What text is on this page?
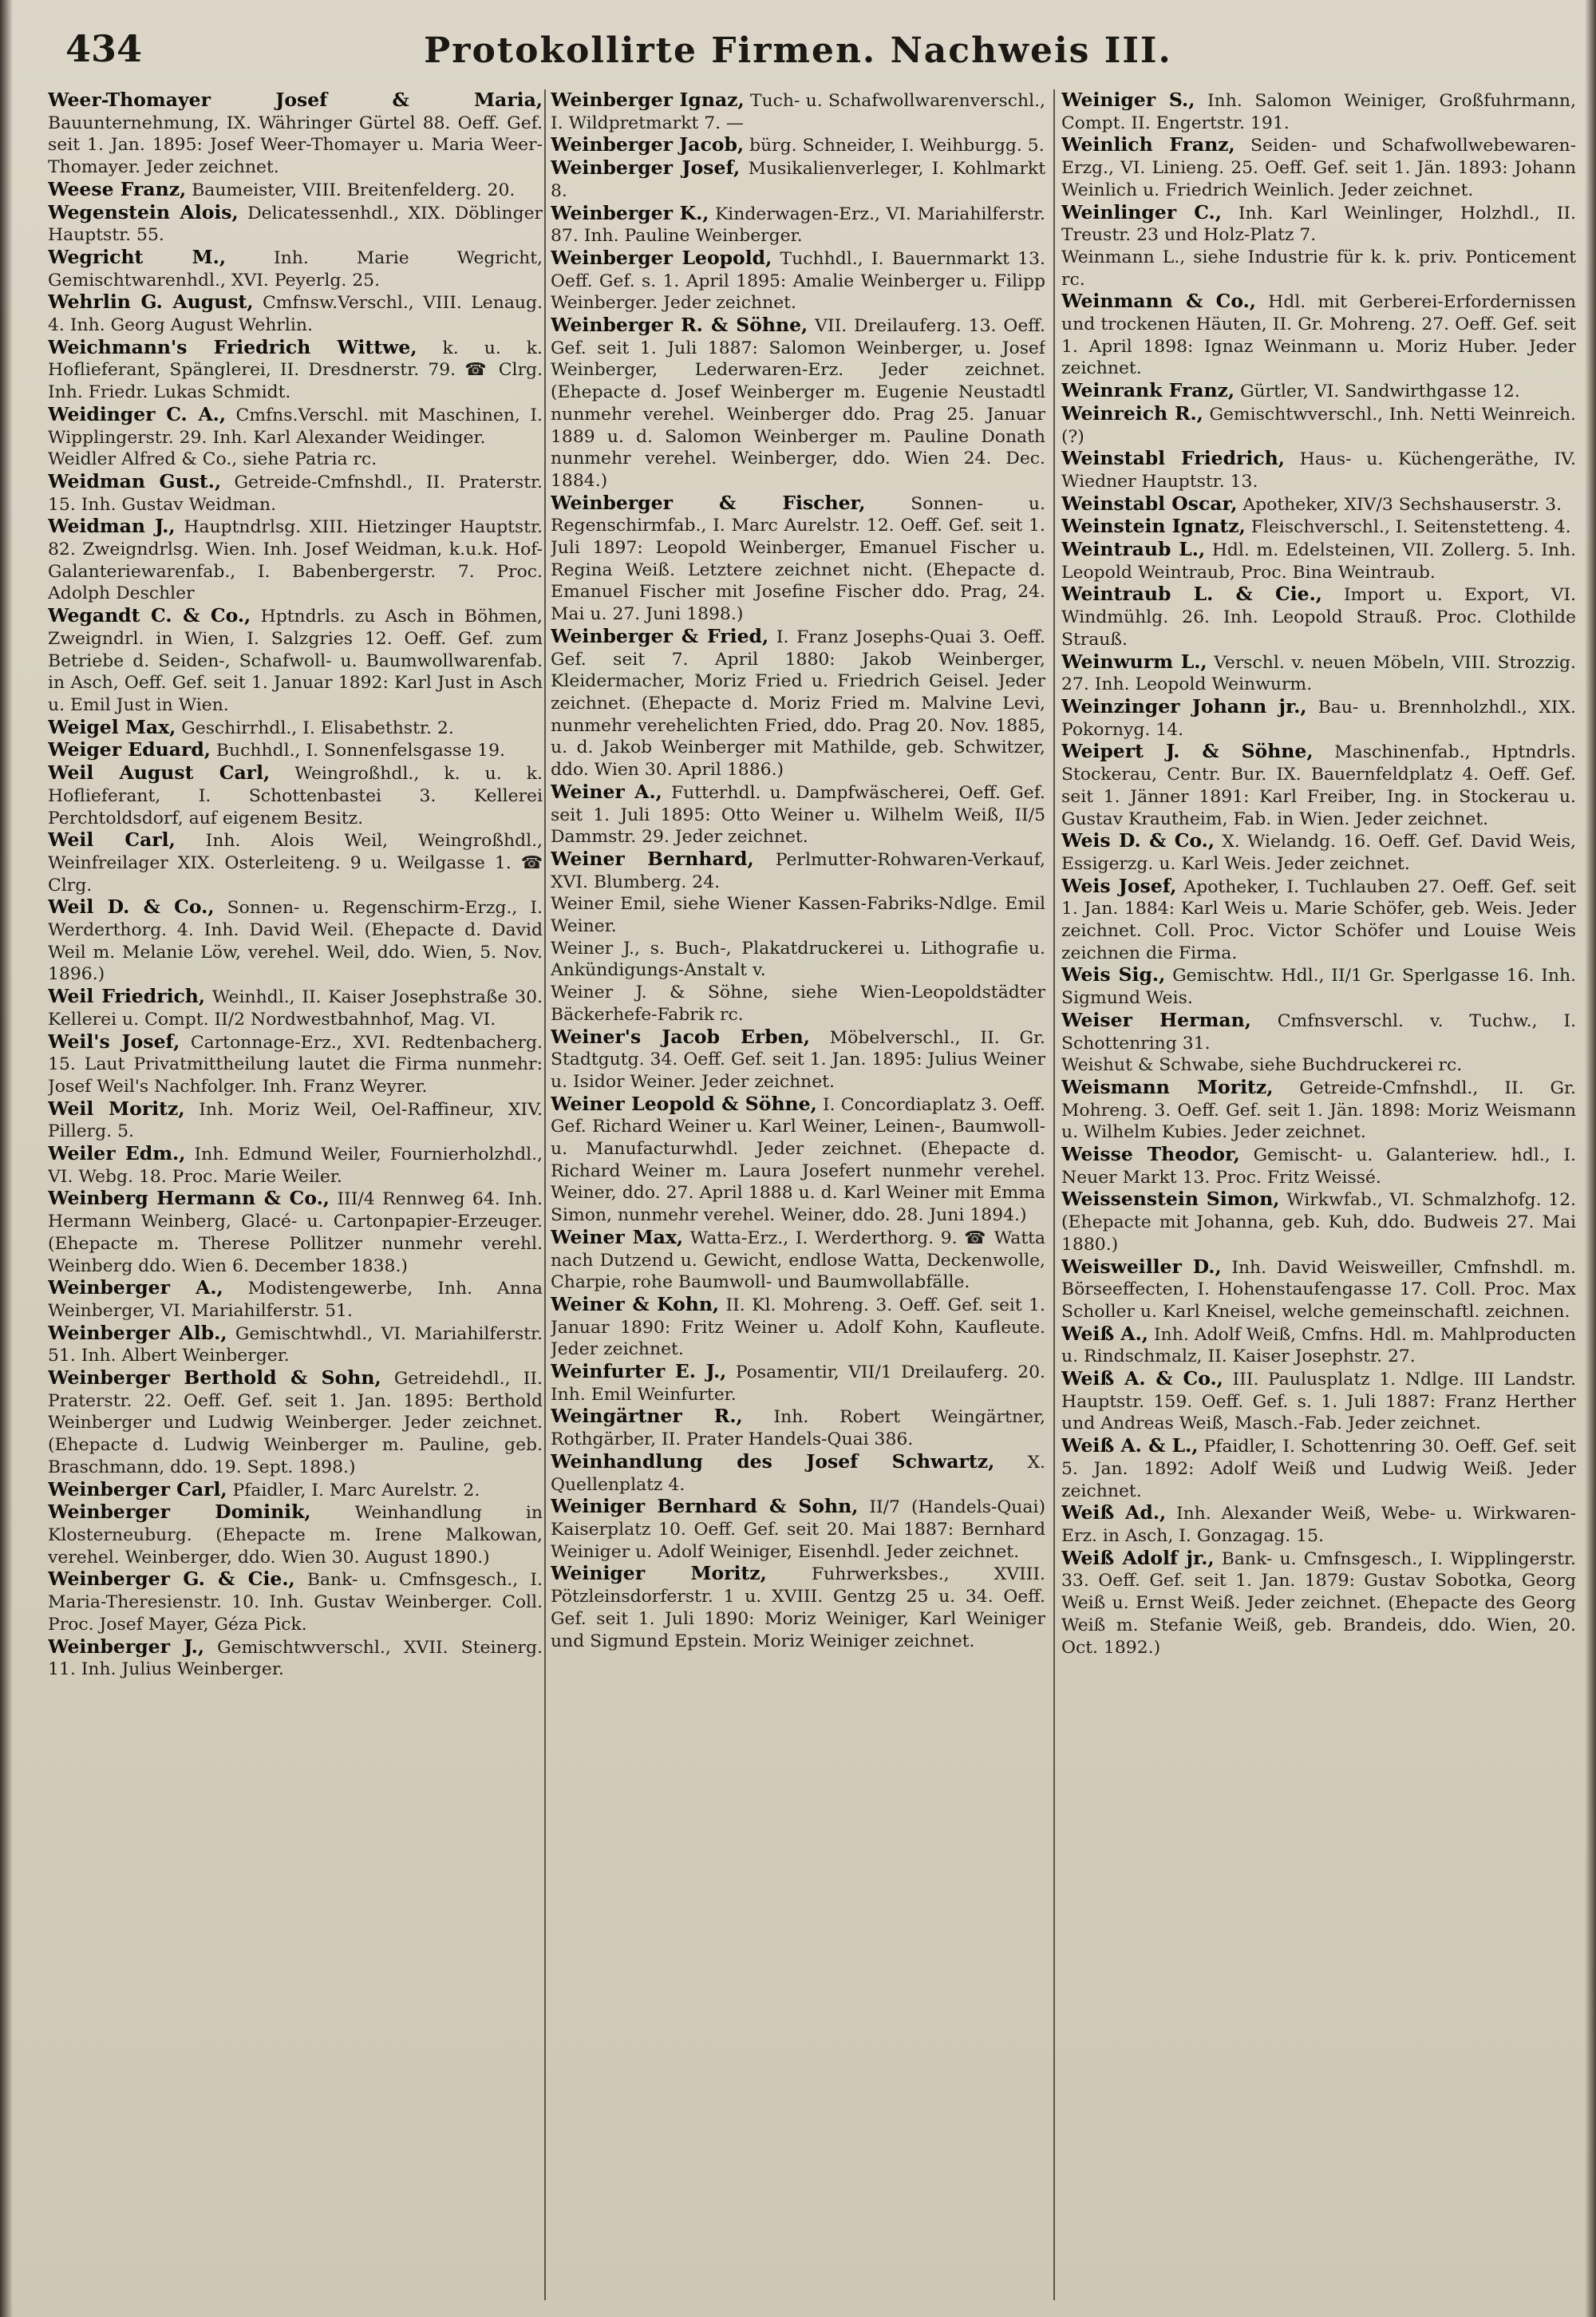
434	Protokollirte Firmen. Nachweis III.

Weer-Thomayer Josef & Maria, Bauunternehmung, IX. Währinger Gürtel 88. Oeff. Gef. seit 1. Jan. 1895: Josef Weer-Thomayer u. Maria Weer-Thomayer. Jeder zeichnet.

Weese Franz, Baumeister, VIII. Breitenfelderg. 20.

Wegenstein Alois, Delicatessenhdl., XIX. Döblinger Hauptstr. 55.

Wegricht M.,	Inh. Marie Wegricht, Gemischtwarenhdl., XVI. Peyerlg. 25.

Wehrlin G. August, Cmfnsw.Verschl., VIII. Lenaug. 4. Inh. Georg August Wehrlin.

Weichmann's Friedrich Wittwe, k. u. k. Hoflieferant, Spänglerei, II. Dresdnerstr. 79. ☎ Clrg. Inh. Friedr. Lukas Schmidt.

Weidinger C. A., Cmfns.Verschl. mit Maschinen, I. Wipplingerstr. 29. Inh. Karl Alexander Weidinger.

Weidler Alfred & Co., siehe Patria rc.

Weidman Gust., Getreide-Cmfnshdl., II. Praterstr. 15. Inh. Gustav Weidman.

Weidman J., Hauptndrlsg. XIII. Hietzinger Hauptstr. 82. Zweigndrlsg. Wien. Inh. Josef Weidman, k.u.k. Hof-Galanteriewarenfab., I. Babenbergerstr. 7. Proc. Adolph Deschler

Wegandt C. & Co., Hptndrls. zu Asch in Böhmen, Zweigndrl. in Wien, I. Salzgries 12. Oeff. Gef. zum Betriebe d. Seiden-, Schafwoll- u. Baumwollwarenfab. in Asch, Oeff. Gef. seit 1. Januar 1892: Karl Just in Asch u. Emil Just in Wien.

Weigel Max, Geschirrhdl., I. Elisabethstr. 2.

Weiger Eduard, Buchhdl., I. Sonnenfelsgasse 19.

Weil August Carl, Weingroßhdl., k. u. k. Hoflieferant, I. Schottenbastei 3. Kellerei Perchtoldsdorf, auf eigenem Besitz.

Weil Carl, Inh. Alois Weil, Weingroßhdl., Weinfreilager XIX. Osterleiteng. 9 u. Weilgasse 1. ☎ Clrg.

Weil D. & Co., Sonnen- u. Regenschirm-Erzg., I. Werderthorg. 4. Inh. David Weil. (Ehepacte d. David Weil m. Melanie Löw, verehel. Weil, ddo. Wien, 5. Nov. 1896.)

Weil Friedrich, Weinhdl., II. Kaiser Josephstraße 30. Kellerei u. Compt. II/2 Nordwestbahnhof, Mag. VI.

Weil's Josef, Cartonnage-Erz., XVI. Redtenbacherg. 15. Laut Privatmittheilung lautet die Firma nunmehr: Josef Weil's Nachfolger. Inh. Franz Weyrer.

Weil Moritz, Inh. Moriz Weil, Oel-Raffineur, XIV. Pillerg. 5.

Weiler Edm., Inh. Edmund Weiler, Fournierholzhdl., VI. Webg. 18. Proc. Marie Weiler.

Weinberg Hermann & Co., III/4 Rennweg 64. Inh. Hermann Weinberg, Glacé- u. Cartonpapier-Erzeuger. (Ehepacte m. Therese Pollitzer nunmehr verehl. Weinberg ddo. Wien 6. December 1838.)

Weinberger A., Modistengewerbe, Inh. Anna Weinberger, VI. Mariahilferstr. 51.

Weinberger Alb., Gemischtwhdl., VI. Mariahilferstr. 51. Inh. Albert Weinberger.

Weinberger Berthold & Sohn, Getreidehdl., II. Praterstr. 22. Oeff. Gef. seit 1. Jan. 1895: Berthold Weinberger und Ludwig Weinberger. Jeder zeichnet. (Ehepacte d. Ludwig Weinberger m. Pauline, geb. Braschmann, ddo. 19. Sept. 1898.)

Weinberger Carl, Pfaidler, I. Marc Aurelstr. 2.

Weinberger Dominik,	Weinhandlung in Klosterneuburg. (Ehepacte m. Irene Malkowan, verehel. Weinberger, ddo. Wien 30. August 1890.)

Weinberger G. & Cie., Bank- u. Cmfnsgesch., I. Maria-Theresienstr. 10. Inh. Gustav Weinberger. Coll. Proc. Josef Mayer, Géza Pick.

Weinberger J., Gemischtwverschl., XVII. Steinerg. 11. Inh. Julius Weinberger.

Weinberger Ignaz, Tuch- u. Schafwollwarenverschl., I. Wildpretmarkt 7. —

Weinberger Jacob, bürg. Schneider, I. Weihburgg. 5.

Weinberger Josef, Musikalienverleger, I. Kohlmarkt 8.

Weinberger K., Kinderwagen-Erz., VI. Mariahilferstr. 87. Inh. Pauline Weinberger.

Weinberger Leopold, Tuchhdl., I. Bauernmarkt 13. Oeff. Gef. s. 1. April 1895: Amalie Weinberger u. Filipp Weinberger. Jeder zeichnet.

Weinberger R. & Söhne, VII. Dreilauferg. 13. Oeff. Gef. seit 1. Juli 1887: Salomon Weinberger, u. Josef Weinberger, Lederwaren-Erz. Jeder zeichnet. (Ehepacte d. Josef Weinberger m. Eugenie Neustadtl nunmehr verehel. Weinberger ddo. Prag 25. Januar 1889 u. d. Salomon Weinberger m. Pauline Donath nunmehr verehel. Weinberger, ddo. Wien 24. Dec. 1884.)

Weinberger & Fischer,	Sonnen- u. Regenschirmfab., I. Marc Aurelstr. 12. Oeff. Gef. seit 1. Juli 1897: Leopold Weinberger, Emanuel Fischer u. Regina Weiß. Letztere zeichnet nicht. (Ehepacte d. Emanuel Fischer mit Josefine Fischer ddo. Prag, 24. Mai u. 27. Juni 1898.)

Weinberger & Fried, I. Franz Josephs-Quai 3. Oeff. Gef. seit 7. April 1880: Jakob Weinberger, Kleidermacher, Moriz Fried u. Friedrich Geisel. Jeder zeichnet. (Ehepacte d. Moriz Fried m. Malvine Levi, nunmehr verehelichten Fried, ddo. Prag 20. Nov. 1885, u. d. Jakob Weinberger mit Mathilde, geb. Schwitzer, ddo. Wien 30. April 1886.)

Weiner A., Futterhdl. u. Dampfwäscherei, Oeff. Gef. seit 1. Juli 1895: Otto Weiner u. Wilhelm Weiß, II/5 Dammstr. 29. Jeder zeichnet.

Weiner Bernhard, Perlmutter-Rohwaren-Verkauf, XVI. Blumberg. 24.

Weiner Emil, siehe Wiener Kassen-Fabriks-Ndlge. Emil Weiner.

Weiner J., s. Buch-, Plakatdruckerei u. Lithografie u. Ankündigungs-Anstalt v.

Weiner J. & Söhne, siehe Wien-Leopoldstädter Bäckerhefe-Fabrik rc.

Weiner's Jacob Erben, Möbelverschl., II. Gr. Stadtgutg. 34. Oeff. Gef. seit 1. Jan. 1895: Julius Weiner u. Isidor Weiner. Jeder zeichnet.

Weiner Leopold & Söhne, I. Concordiaplatz 3. Oeff. Gef. Richard Weiner u. Karl Weiner, Leinen-, Baumwoll- u. Manufacturwhdl. Jeder zeichnet. (Ehepacte d. Richard Weiner m. Laura Josefert nunmehr verehel. Weiner, ddo. 27. April 1888 u. d. Karl Weiner mit Emma Simon, nunmehr verehel. Weiner, ddo. 28. Juni 1894.)

Weiner Max, Watta-Erz., I. Werderthorg. 9. ☎ Watta nach Dutzend u. Gewicht, endlose Watta, Deckenwolle, Charpie, rohe Baumwoll- und Baumwollabfälle.

Weiner & Kohn, II. Kl. Mohreng. 3. Oeff. Gef. seit 1. Januar 1890: Fritz Weiner u. Adolf Kohn, Kaufleute. Jeder zeichnet.

Weinfurter E. J., Posamentir, VII/1 Dreilauferg. 20. Inh. Emil Weinfurter.

Weingärtner R., Inh. Robert Weingärtner, Rothgärber, II. Prater Handels-Quai 386.

Weinhandlung des Josef Schwartz, X. Quellenplatz 4.

Weiniger Bernhard & Sohn, II/7 (Handels-Quai) Kaiserplatz 10. Oeff. Gef. seit 20. Mai 1887: Bernhard Weiniger u. Adolf Weiniger, Eisenhdl. Jeder zeichnet.

Weiniger Moritz,	Fuhrwerksbes., XVIII. Pötzleinsdorferstr. 1 u. XVIII. Gentzg 25 u. 34. Oeff. Gef. seit 1. Juli 1890: Moriz Weiniger, Karl Weiniger und Sigmund Epstein. Moriz Weiniger zeichnet.

Weiniger S., Inh. Salomon Weiniger, Großfuhrmann, Compt. II. Engertstr. 191.

Weinlich Franz, Seiden- und Schafwollwebewaren-Erzg., VI. Linieng. 25. Oeff. Gef. seit 1. Jän. 1893: Johann Weinlich u. Friedrich Weinlich. Jeder zeichnet.

Weinlinger C., Inh. Karl Weinlinger, Holzhdl., II. Treustr. 23 und Holz-Platz 7.

Weinmann L., siehe Industrie für k. k. priv. Ponticement rc.

Weinmann & Co., Hdl. mit Gerberei-Erfordernissen und trockenen Häuten, II. Gr. Mohreng. 27. Oeff. Gef. seit 1. April 1898: Ignaz Weinmann u. Moriz Huber. Jeder zeichnet.

Weinrank Franz, Gürtler, VI. Sandwirthgasse 12.

Weinreich R., Gemischtwverschl., Inh. Netti Weinreich. (?)

Weinstabl Friedrich, Haus- u. Küchengeräthe, IV. Wiedner Hauptstr. 13.

Weinstabl Oscar, Apotheker, XIV/3 Sechshauserstr. 3.

Weinstein Ignatz, Fleischverschl., I. Seitenstetteng. 4.

Weintraub L., Hdl. m. Edelsteinen, VII. Zollerg. 5. Inh. Leopold Weintraub, Proc. Bina Weintraub.

Weintraub L. & Cie., Import u. Export, VI. Windmühlg. 26. Inh. Leopold Strauß. Proc. Clothilde Strauß.

Weinwurm L., Verschl. v. neuen Möbeln, VIII. Strozzig. 27. Inh. Leopold Weinwurm.

Weinzinger Johann jr., Bau- u. Brennholzhdl., XIX. Pokornyg. 14.

Weipert J. & Söhne, Maschinenfab., Hptndrls. Stockerau, Centr. Bur. IX. Bauernfeldplatz 4. Oeff. Gef. seit 1. Jänner 1891: Karl Freiber, Ing. in Stockerau u. Gustav Krautheim, Fab. in Wien. Jeder zeichnet.

Weis D. & Co., X. Wielandg. 16. Oeff. Gef. David Weis, Essigerzg. u. Karl Weis. Jeder zeichnet.

Weis Josef, Apotheker, I. Tuchlauben 27. Oeff. Gef. seit 1. Jan. 1884: Karl Weis u. Marie Schöfer, geb. Weis. Jeder zeichnet. Coll. Proc. Victor Schöfer und Louise Weis zeichnen die Firma.

Weis Sig., Gemischtw. Hdl., II/1 Gr. Sperlgasse 16. Inh. Sigmund Weis.

Weiser Herman, Cmfnsverschl. v. Tuchw., I. Schottenring 31.

Weishut & Schwabe, siehe Buchdruckerei rc.

Weismann Moritz, Getreide-Cmfnshdl., II. Gr. Mohreng. 3. Oeff. Gef. seit 1. Jän. 1898: Moriz Weismann u. Wilhelm Kubies. Jeder zeichnet.

Weisse Theodor, Gemischt- u. Galanteriew. hdl., I. Neuer Markt 13. Proc. Fritz Weissé.

Weissenstein Simon, Wirkwfab., VI. Schmalzhofg. 12. (Ehepacte mit Johanna, geb. Kuh, ddo. Budweis 27. Mai 1880.)

Weisweiller D., Inh. David Weisweiller, Cmfnshdl. m. Börseeffecten, I. Hohenstaufengasse 17. Coll. Proc. Max Scholler u. Karl Kneisel, welche gemeinschaftl. zeichnen.

Weiß A., Inh. Adolf Weiß, Cmfns. Hdl. m. Mahlproducten u. Rindschmalz, II. Kaiser Josephstr. 27.

Weiß A. & Co., III. Paulusplatz 1. Ndlge. III Landstr. Hauptstr. 159. Oeff. Gef. s. 1. Juli 1887: Franz Herther und Andreas Weiß, Masch.-Fab. Jeder zeichnet.

Weiß A. & L., Pfaidler, I. Schottenring 30. Oeff. Gef. seit 5. Jan. 1892: Adolf Weiß und Ludwig Weiß. Jeder zeichnet.

Weiß Ad., Inh. Alexander Weiß, Webe- u. Wirkwaren-Erz. in Asch, I. Gonzagag. 15.

Weiß Adolf jr., Bank- u. Cmfnsgesch., I. Wipplingerstr. 33. Oeff. Gef. seit 1. Jan. 1879: Gustav Sobotka, Georg Weiß u. Ernst Weiß. Jeder zeichnet. (Ehepacte des Georg Weiß m. Stefanie Weiß, geb. Brandeis, ddo. Wien, 20. Oct. 1892.)
